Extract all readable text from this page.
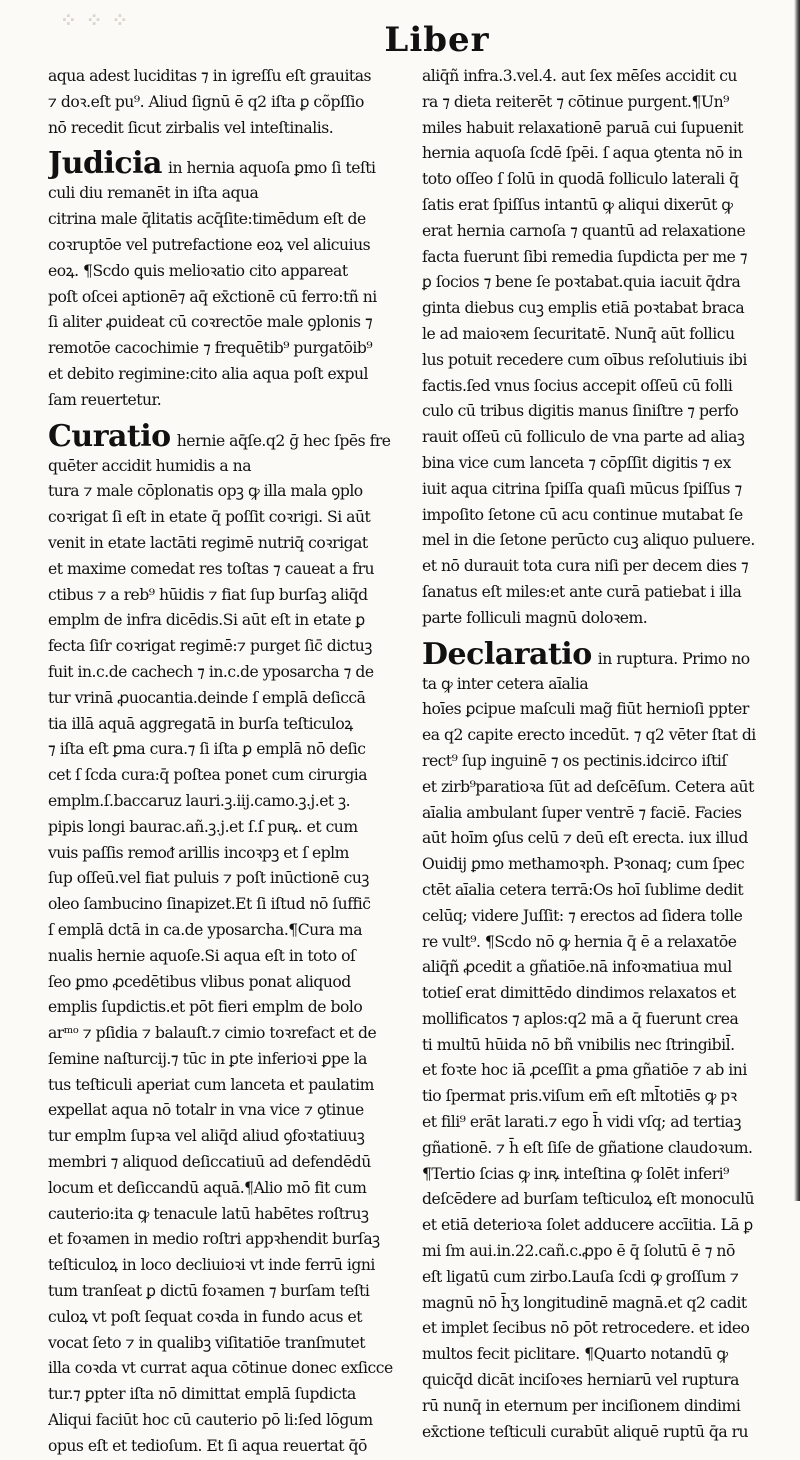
⁘ ⁘ ⁘	Liber
aqua adest luciditas ⁊ in igreſſu eſt grauitas
⁊ doꝛ.eſt pu⁹. Aliud ſignū ē q2 iſta ꝑ cõpſſio
nō recedit ſicut zirbalis vel inteſtinalis.
Judicia in hernia aquoſa ꝑmo ſi teſti
culi diu remanēt in iſta aqua
citrina male q̄litatis acq̄ſite:timēdum eſt de
coꝛruptōe vel putrefactione eoꝝ vel alicuius
eoꝝ. ¶Scdo ꝗuis melioꝛatio cito appareat
poſt oſcei aptionē⁊ aq̄ ex̄ctionē cū ferro:tñ ni
ſi aliter ꝓuideat cū coꝛrectōe male ꝯplonis ⁊
remotōe cacochimie ⁊ frequētib⁹ purgatōib⁹
et debito regimine:cito alia aqua poſt expul
ſam reuertetur.
Curatio hernie aq̄ſe.q2 ḡ hec ſpēs fre
quēter accidit humidis a na
tura ⁊ male cōplonatis opꝫ ꝙ illa mala ꝯplo
coꝛrigat ſi eſt in etate q̄ poſſit coꝛrigi. Si aūt
venit in etate lactāti regimē nutriq̄ coꝛrigat
et maxime comedat res toſtas ⁊ caueat a fru
ctibus ⁊ a reb⁹ hūidis ⁊ fiat ſup burſaꝫ aliq̄d
emplm de infra dicēdis.Si aūt eſt in etate ꝑ
fecta ſiſr coꝛrigat regimē:⁊ purget ſic̄ dictuꝫ
fuit in.c.de cachech ⁊ in.c.de yposarcha ⁊ de
tur vrinā ꝓuocantia.deinde ſ emplā deſiccā
tia illā aquā aggregatā in burſa teſticuloꝝ
⁊ iſta eſt ꝑma cura.⁊ ſi iſta ꝑ emplā nō deſic
cet ſ ſcda cura:q̄ poſtea ponet cum cirurgia
emplm.ſ.baccaruz lauri.ꝫ.iij.camo.ꝫ.j.et ꝫ.
pipis longi baurac.añ.ꝫ.j.et ſ.ſ puꝶ. et cum
vuis paſſis remoᵭ arillis incoꝛpꝫ et ſ eplm
ſup oſſeū.vel fiat puluis ⁊ poſt inūctionē cuꝫ
oleo ſambucino ſinapizet.Et ſi iſtud nō ſuffic̄
ſ emplā dctā in ca.de yposarcha.¶Cura ma
nualis hernie aquoſe.Si aqua eſt in toto oſ
ſeo ꝑmo ꝓcedētibus vlibus ponat aliquod
emplis ſupdictis.et pōt fieri emplm de bolo
arᵐᵒ ⁊ pſidia ⁊ balauſt.⁊ cimio toꝛrefact et de
ſemine naſturcij.⁊ tūc in ꝑte inferioꝛi ꝑpe la
tus teſticuli aperiat cum lanceta et paulatim
expellat aqua nō totalr in vna vice ⁊ ꝯtinue
tur emplm ſupꝛa vel aliq̄d aliud ꝯfoꝛtatiuuꝫ
membri ⁊ aliquod deſiccatiuū ad defendēdū
locum et deſiccandū aquā.¶Alio mō fit cum
cauterio:ita ꝙ tenacule latū habētes roſtruꝫ
et foꝛamen in medio roſtri appꝛhendit burſaꝫ
teſticuloꝝ in loco decliuioꝛi vt inde ferrū igni
tum tranſeat ꝑ dictū foꝛamen ⁊ burſam teſti
culoꝝ vt poſt ſequat coꝛda in fundo acus et
vocat ſeto ⁊ in qualibꝫ viſitatiōe tranſmutet
illa coꝛda vt currat aqua cōtinue donec exſicce
tur.⁊ ꝑpter iſta nō dimittat emplā ſupdicta
Aliqui faciūt hoc cū cauterio pō li:ſed lōgum
opus eſt et tedioſum. Et ſi aqua reuertat q̄ō
aliq̄ñ infra.3.vel.4. aut ſex mēſes accidit cu
ra ⁊ dieta reiterēt ⁊ cōtinue purgent.¶Un⁹
miles habuit relaxationē paruā cui ſupuenit
hernia aquoſa ſcdē ſpēi. ſ aqua ꝯtenta nō in
toto oſſeo ſ ſolū in quodā folliculo laterali q̄
ſatis erat ſpiſſus intantū ꝙ aliqui dixerūt ꝙ
erat hernia carnoſa ⁊ quantū ad relaxatione
facta fuerunt ſibi remedia ſupdicta per me ⁊
ꝑ ſocios ⁊ bene ſe poꝛtabat.quia iacuit q̄dra
ginta diebus cuꝫ emplis etiā poꝛtabat braca
le ad maioꝛem ſecuritatē. Nunq̄ aūt follicu
lus potuit recedere cum oībus reſolutiuis ibi
factis.ſed vnus ſocius accepit oſſeū cū folli
culo cū tribus digitis manus ſiniſtre ⁊ perfo
rauit oſſeū cū folliculo de vna parte ad aliaꝫ
bina vice cum lanceta ⁊ cōpſſit digitis ⁊ ex
iuit aqua citrina ſpiſſa quaſi mūcus ſpiſſus ⁊
impoſito ſetone cū acu continue mutabat ſe
mel in die ſetone perūcto cuꝫ aliquo puluere.
et nō durauit tota cura niſi per decem dies ⁊
ſanatus eſt miles:et ante curā patiebat i illa
parte folliculi magnū doloꝛem.
Declaratio in ruptura. Primo no
ta ꝙ inter cetera aīalia
hoīes ꝑcipue maſculi mag̃ fiūt hernioſi ppter
ea q2 capite erecto incedūt. ⁊ q2 vēter ſtat di
rect⁹ ſup inguinē ⁊ os pectinis.idcirco iſtiſ
et zirb⁹paratioꝛa ſūt ad deſcēſum. Cetera aūt
aīalia ambulant ſuper ventrē ⁊ faciē. Facies
aūt hoīm ꝯſus celū ⁊ deū eſt erecta. iux illud
Ouidij ꝑmo methamoꝛph. Pꝛonaq; cum ſpec
ctēt aīalia cetera terrā:Os hoī ſublime dedit
celūq; videre Juſſit: ⁊ erectos ad ſidera tolle
re vult⁹. ¶Scdo nō ꝙ hernia q̄ ē a relaxatōe
aliq̄ñ ꝓcedit a gñatiōe.nā infoꝛmatiua mul
totieſ erat dimittēdo dindimos relaxatos et
mollificatos ⁊ aplos:q2 mā a q̄ fuerunt crea
ti multū hūida nō bñ vnibilis nec ſtringibil̄.
et foꝛte hoc iā ꝓceſſit a ꝑma gñatiōe ⁊ ab ini
tio ſpermat pris.viſum em̄ eſt ml̄totiēs ꝙ pꝛ
et fili⁹ erāt larati.⁊ ego h̄ vidi vſq; ad tertiaꝫ
gñationē. ⁊ h̄ eſt ſiſe de gñatione claudoꝛum.
¶Tertio ſcias ꝙ inꝶ inteſtina ꝙ ſolēt inferi⁹
deſcēdere ad burſam teſticuloꝝ eſt monoculū
et etiā deterioꝛa ſolet adducere accīitia. Lā ꝑ
mi ſm aui.in.22.cañ.c.ꝓpo ē q̄ ſolutū ē ⁊ nō
eſt ligatū cum zirbo.Lauſa ſcdi ꝙ groſſum ⁊
magnū nō h̄ʒ longitudinē magnā.et q2 cadit
et implet ſecibus nō pōt retrocedere. et ideo
multos fecit piclitare. ¶Quarto notandū ꝙ
quicq̄d dicāt inciſoꝛes herniarū vel ruptura
rū nunq̄ in eternum per inciſionem dindimi
ex̄ctione teſticuli curabūt aliquē ruptū q̄a ru
